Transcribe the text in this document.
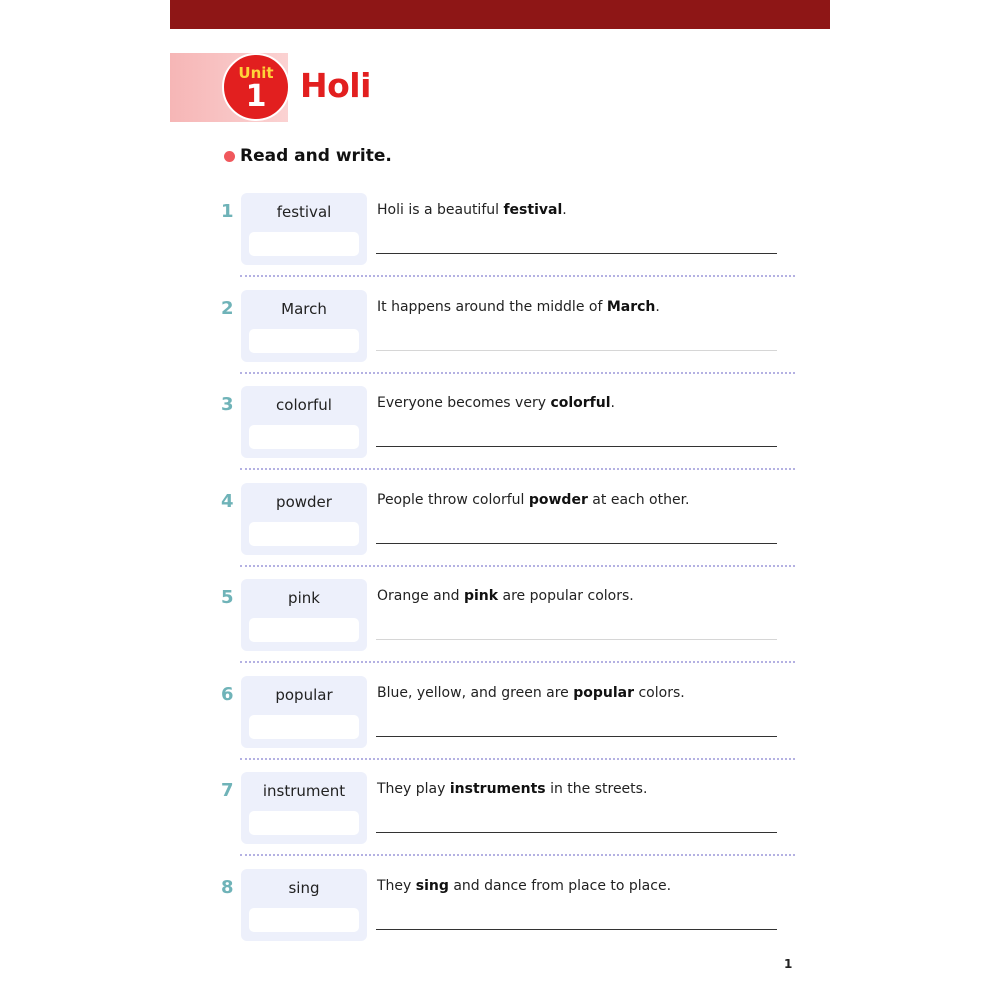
Unit
1	Holi
Read and write.
1	festival	Holi is a beautiful festival.
2	March	It happens around the middle of March.
3	colorful	Everyone becomes very colorful.
4	powder	People throw colorful powder at each other.
5	pink	Orange and pink are popular colors.
6	popular	Blue, yellow, and green are popular colors.
7	instrument	They play instruments in the streets.
8	sing	They sing and dance from place to place.
1
